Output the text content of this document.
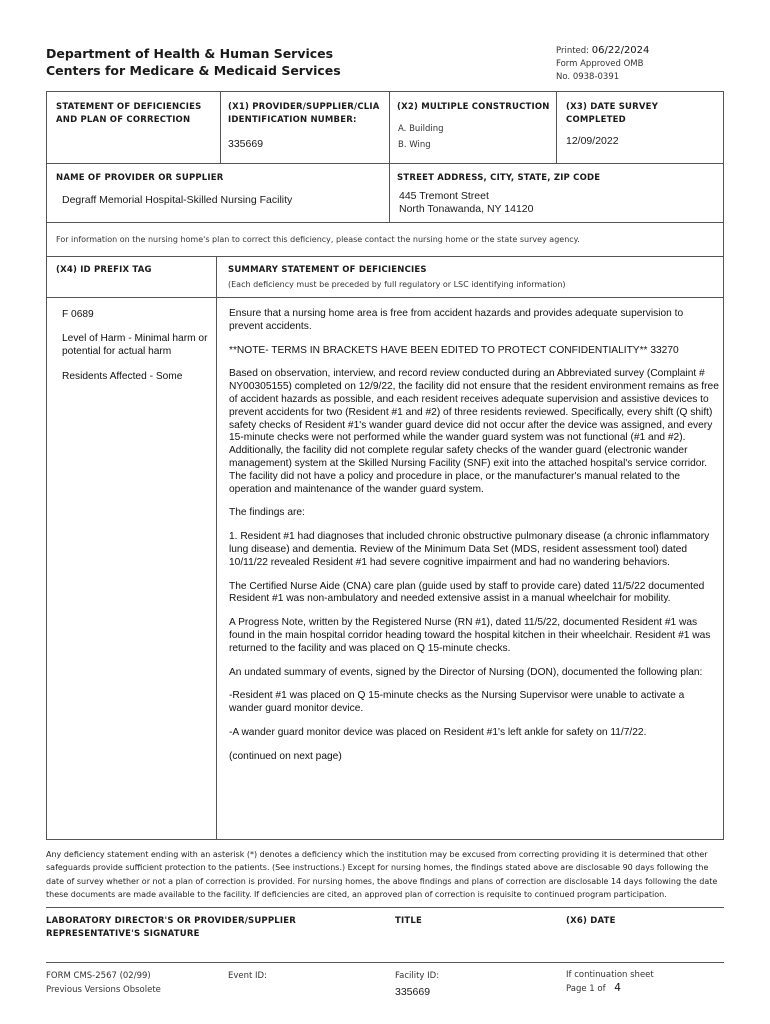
Department of Health & Human Services
Centers for Medicare & Medicaid Services
Printed: 06/22/2024
Form Approved OMB
No. 0938-0391
STATEMENT OF DEFICIENCIES AND PLAN OF CORRECTION
(X1) PROVIDER/SUPPLIER/CLIA IDENTIFICATION NUMBER:
335669
(X2) MULTIPLE CONSTRUCTION
A. Building
B. Wing
(X3) DATE SURVEY COMPLETED
12/09/2022
NAME OF PROVIDER OR SUPPLIER
Degraff Memorial Hospital-Skilled Nursing Facility
STREET ADDRESS, CITY, STATE, ZIP CODE
445 Tremont Street
North Tonawanda, NY 14120
For information on the nursing home's plan to correct this deficiency, please contact the nursing home or the state survey agency.
(X4) ID PREFIX TAG	SUMMARY STATEMENT OF DEFICIENCIES
(Each deficiency must be preceded by full regulatory or LSC identifying information)
F 0689
Level of Harm - Minimal harm or potential for actual harm
Residents Affected - Some

Ensure that a nursing home area is free from accident hazards and provides adequate supervision to prevent accidents.

**NOTE- TERMS IN BRACKETS HAVE BEEN EDITED TO PROTECT CONFIDENTIALITY** 33270

Based on observation, interview, and record review conducted during an Abbreviated survey (Complaint # NY00305155) completed on 12/9/22, the facility did not ensure that the resident environment remains as free of accident hazards as possible, and each resident receives adequate supervision and assistive devices to prevent accidents for two (Resident #1 and #2) of three residents reviewed. Specifically, every shift (Q shift) safety checks of Resident #1's wander guard device did not occur after the device was assigned, and every 15-minute checks were not performed while the wander guard system was not functional (#1 and #2). Additionally, the facility did not complete regular safety checks of the wander guard (electronic wander management) system at the Skilled Nursing Facility (SNF) exit into the attached hospital's service corridor. The facility did not have a policy and procedure in place, or the manufacturer's manual related to the operation and maintenance of the wander guard system.

The findings are:

1. Resident #1 had diagnoses that included chronic obstructive pulmonary disease (a chronic inflammatory lung disease) and dementia. Review of the Minimum Data Set (MDS, resident assessment tool) dated 10/11/22 revealed Resident #1 had severe cognitive impairment and had no wandering behaviors.

The Certified Nurse Aide (CNA) care plan (guide used by staff to provide care) dated 11/5/22 documented Resident #1 was non-ambulatory and needed extensive assist in a manual wheelchair for mobility.

A Progress Note, written by the Registered Nurse (RN #1), dated 11/5/22, documented Resident #1 was found in the main hospital corridor heading toward the hospital kitchen in their wheelchair. Resident #1 was returned to the facility and was placed on Q 15-minute checks.

An undated summary of events, signed by the Director of Nursing (DON), documented the following plan:

-Resident #1 was placed on Q 15-minute checks as the Nursing Supervisor were unable to activate a wander guard monitor device.

-A wander guard monitor device was placed on Resident #1's left ankle for safety on 11/7/22.

(continued on next page)

Any deficiency statement ending with an asterisk (*) denotes a deficiency which the institution may be excused from correcting providing it is determined that other safeguards provide sufficient protection to the patients. (See instructions.) Except for nursing homes, the findings stated above are disclosable 90 days following the date of survey whether or not a plan of correction is provided. For nursing homes, the above findings and plans of correction are disclosable 14 days following the date these documents are made available to the facility. If deficiencies are cited, an approved plan of correction is requisite to continued program participation.
LABORATORY DIRECTOR'S OR PROVIDER/SUPPLIER REPRESENTATIVE'S SIGNATURE
TITLE	(X6) DATE
FORM CMS-2567 (02/99)
Previous Versions Obsolete
Event ID:	Facility ID:
335669
If continuation sheet
Page 1 of 4
